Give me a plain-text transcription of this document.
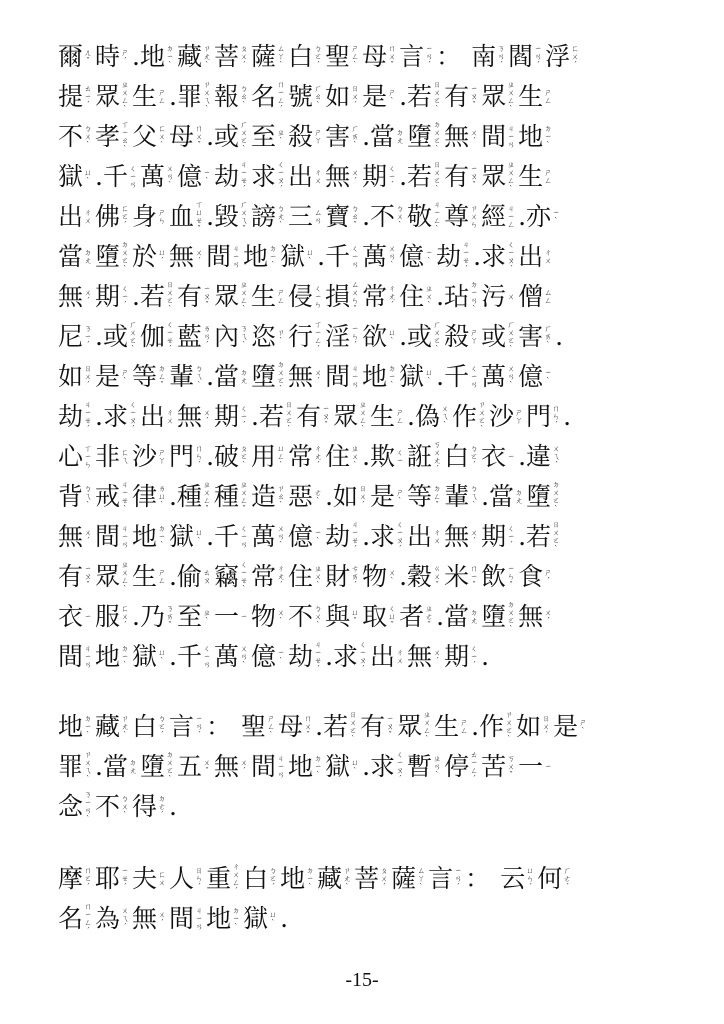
爾 ㄦ
ˇ 時 ㄕ
ˊ . 地 ㄉ
ㄧ
ˋ 藏 ㄗ
ㄤ
ˋ 菩 ㄆ
ㄨ
ˊ 薩 ㄙ
ㄚ
ˋ 白 ㄅ
ㄛ
ˊ 聖 ㄕ
ㄥ
ˋ 母 ㄇ
ㄨ
ˇ 言 ㄧ
ㄢ
ˊ ： 南 ㄋ
ㄢ
ˊ 閻 ㄧ
ㄢ
ˊ 浮 ㄈ
ㄨ
ˊ
提 ㄊ
ㄧ
ˊ 眾 ㄓ
ㄨ
ㄥ
ˋ 生 ㄕ
ㄥ . 罪 ㄗ
ㄨ
ㄟ
ˋ 報 ㄅ
ㄠ
ˋ 名 ㄇ
ㄧ
ㄥ
ˊ 號 ㄏ
ㄠ
ˋ 如 ㄖ
ㄨ
ˊ 是 ㄕ
ˋ . 若 ㄖ
ㄨ
ㄛ
ˋ 有 ㄧ
ㄡ
ˇ 眾 ㄓ
ㄨ
ㄥ
ˋ 生 ㄕ
ㄥ
不 ㄅ
ㄨ
ˋ 孝 ㄒ
ㄧ
ㄠ
ˋ 父 ㄈ
ㄨ
ˋ 母 ㄇ
ㄨ
ˇ . 或 ㄏ
ㄨ
ㄛ
ˋ 至 ㄓ
ˋ 殺 ㄕ
ㄚ 害 ㄏ
ㄞ
ˋ . 當 ㄉ
ㄤ 墮 ㄉ
ㄨ
ㄛ
ˋ 無 ㄨ
ˊ 間 ㄐ
ㄧ
ㄢ 地 ㄉ
ㄧ
ˋ
獄 ㄩ
ˋ . 千 ㄑ
ㄧ
ㄢ 萬 ㄨ
ㄢ
ˋ 億 ㄧ
ˋ 劫 ㄐ
ㄧ
ㄝ
ˊ 求 ㄑ
ㄧ
ㄡ
ˊ 出 ㄔ
ㄨ 無 ㄨ
ˊ 期 ㄑ
ㄧ
ˊ . 若 ㄖ
ㄨ
ㄛ
ˋ 有 ㄧ
ㄡ
ˇ 眾 ㄓ
ㄨ
ㄥ
ˋ 生 ㄕ
ㄥ
出 ㄔ
ㄨ 佛 ㄈ
ㄛ
ˊ 身 ㄕ
ㄣ 血 ㄒ
ㄩ
ㄝ
ˇ . 毀 ㄏ
ㄨ
ㄟ
ˇ 謗 ㄅ
ㄤ
ˋ 三 ㄙ
ㄢ 寶 ㄅ
ㄠ
ˇ . 不 ㄅ
ㄨ
ˋ 敬 ㄐ
ㄧ
ㄥ
ˋ 尊 ㄗ
ㄨ
ㄣ 經 ㄐ
ㄧ
ㄥ . 亦 ㄧ
ˋ
當 ㄉ
ㄤ 墮 ㄉ
ㄨ
ㄛ
ˋ 於 ㄩ
ˊ 無 ㄨ
ˊ 間 ㄐ
ㄧ
ㄢ 地 ㄉ
ㄧ
ˋ 獄 ㄩ
ˋ . 千 ㄑ
ㄧ
ㄢ 萬 ㄨ
ㄢ
ˋ 億 ㄧ
ˋ 劫 ㄐ
ㄧ
ㄝ
ˊ . 求 ㄑ
ㄧ
ㄡ
ˊ 出 ㄔ
ㄨ
無 ㄨ
ˊ 期 ㄑ
ㄧ
ˊ . 若 ㄖ
ㄨ
ㄛ
ˋ 有 ㄧ
ㄡ
ˇ 眾 ㄓ
ㄨ
ㄥ
ˋ 生 ㄕ
ㄥ 侵 ㄑ
ㄧ
ㄣ 損 ㄙ
ㄨ
ㄣ
ˇ 常 ㄔ
ㄤ
ˊ 住 ㄓ
ㄨ
ˋ . 玷 ㄉ
ㄧ
ㄢ
ˋ 污 ㄨ 僧 ㄙ
ㄥ
尼 ㄋ
ㄧ
ˊ . 或 ㄏ
ㄨ
ㄛ
ˋ 伽 ㄑ
ㄧ
ㄝ
ˊ 藍 ㄌ
ㄢ
ˊ 內 ㄋ
ㄟ
ˋ 恣 ㄗ
ˋ 行 ㄒ
ㄧ
ㄥ
ˊ 淫 ㄧ
ㄣ
ˊ 欲 ㄩ
ˋ . 或 ㄏ
ㄨ
ㄛ
ˋ 殺 ㄕ
ㄚ 或 ㄏ
ㄨ
ㄛ
ˋ 害 ㄏ
ㄞ
ˋ .
如 ㄖ
ㄨ
ˊ 是 ㄕ
ˋ 等 ㄉ
ㄥ
ˇ 輩 ㄅ
ㄟ
ˋ . 當 ㄉ
ㄤ 墮 ㄉ
ㄨ
ㄛ
ˋ 無 ㄨ
ˊ 間 ㄐ
ㄧ
ㄢ 地 ㄉ
ㄧ
ˋ 獄 ㄩ
ˋ . 千 ㄑ
ㄧ
ㄢ 萬 ㄨ
ㄢ
ˋ 億 ㄧ
ˋ
劫 ㄐ
ㄧ
ㄝ
ˊ . 求 ㄑ
ㄧ
ㄡ
ˊ 出 ㄔ
ㄨ 無 ㄨ
ˊ 期 ㄑ
ㄧ
ˊ . 若 ㄖ
ㄨ
ㄛ
ˋ 有 ㄧ
ㄡ
ˇ 眾 ㄓ
ㄨ
ㄥ
ˋ 生 ㄕ
ㄥ . 偽 ㄨ
ㄟ
ˋ 作 ㄗ
ㄨ
ㄛ
ˋ 沙 ㄕ
ㄚ 門 ㄇ
ㄣ
ˊ .
心 ㄒ
ㄧ
ㄣ 非 ㄈ
ㄟ 沙 ㄕ
ㄚ 門 ㄇ
ㄣ
ˊ . 破 ㄆ
ㄛ
ˋ 用 ㄩ
ㄥ
ˋ 常 ㄔ
ㄤ
ˊ 住 ㄓ
ㄨ
ˋ . 欺 ㄑ
ㄧ 誑 ㄎ
ㄨ
ㄤ
ˊ 白 ㄅ
ㄛ
ˊ 衣 ㄧ . 違 ㄨ
ㄟ
ˊ
背 ㄅ
ㄟ
ˋ 戒 ㄐ
ㄧ
ㄝ
ˋ 律 ㄌ
ㄩ
ˋ . 種 ㄓ
ㄨ
ㄥ
ˇ 種 ㄓ
ㄨ
ㄥ
ˇ 造 ㄗ
ㄠ
ˋ 惡 ㄜ
ˋ . 如 ㄖ
ㄨ
ˊ 是 ㄕ
ˋ 等 ㄉ
ㄥ
ˇ 輩 ㄅ
ㄟ
ˋ . 當 ㄉ
ㄤ 墮 ㄉ
ㄨ
ㄛ
ˋ
無 ㄨ
ˊ 間 ㄐ
ㄧ
ㄢ 地 ㄉ
ㄧ
ˋ 獄 ㄩ
ˋ . 千 ㄑ
ㄧ
ㄢ 萬 ㄨ
ㄢ
ˋ 億 ㄧ
ˋ 劫 ㄐ
ㄧ
ㄝ
ˊ . 求 ㄑ
ㄧ
ㄡ
ˊ 出 ㄔ
ㄨ 無 ㄨ
ˊ 期 ㄑ
ㄧ
ˊ . 若 ㄖ
ㄨ
ㄛ
ˋ
有 ㄧ
ㄡ
ˇ 眾 ㄓ
ㄨ
ㄥ
ˋ 生 ㄕ
ㄥ . 偷 ㄊ
ㄡ 竊 ㄑ
ㄧ
ㄝ
ˋ 常 ㄔ
ㄤ
ˊ 住 ㄓ
ㄨ
ˋ 財 ㄘ
ㄞ
ˊ 物 ㄨ
ˋ . 穀 ㄍ
ㄨ
ˇ 米 ㄇ
ㄧ
ˇ 飲 ㄧ
ㄣ
ˇ 食 ㄕ
ˊ
衣 ㄧ 服 ㄈ
ㄨ
ˊ . 乃 ㄋ
ㄞ
ˇ 至 ㄓ
ˋ 一 ㄧ 物 ㄨ
ˋ 不 ㄅ
ㄨ
ˋ 與 ㄩ
ˇ 取 ㄑ
ㄩ
ˇ 者 ㄓ
ㄜ
ˇ . 當 ㄉ
ㄤ 墮 ㄉ
ㄨ
ㄛ
ˋ 無 ㄨ
ˊ
間 ㄐ
ㄧ
ㄢ 地 ㄉ
ㄧ
ˋ 獄 ㄩ
ˋ . 千 ㄑ
ㄧ
ㄢ 萬 ㄨ
ㄢ
ˋ 億 ㄧ
ˋ 劫 ㄐ
ㄧ
ㄝ
ˊ . 求 ㄑ
ㄧ
ㄡ
ˊ 出 ㄔ
ㄨ 無 ㄨ
ˊ 期 ㄑ
ㄧ
ˊ .
地 ㄉ
ㄧ
ˋ 藏 ㄗ
ㄤ
ˋ 白 ㄅ
ㄛ
ˊ 言 ㄧ
ㄢ
ˊ ： 聖 ㄕ
ㄥ
ˋ 母 ㄇ
ㄨ
ˇ . 若 ㄖ
ㄨ
ㄛ
ˋ 有 ㄧ
ㄡ
ˇ 眾 ㄓ
ㄨ
ㄥ
ˋ 生 ㄕ
ㄥ . 作 ㄗ
ㄨ
ㄛ
ˋ 如 ㄖ
ㄨ
ˊ 是 ㄕ
ˋ
罪 ㄗ
ㄨ
ㄟ
ˋ . 當 ㄉ
ㄤ 墮 ㄉ
ㄨ
ㄛ
ˋ 五 ㄨ
ˇ 無 ㄨ
ˊ 間 ㄐ
ㄧ
ㄢ 地 ㄉ
ㄧ
ˋ 獄 ㄩ
ˋ . 求 ㄑ
ㄧ
ㄡ
ˊ 暫 ㄓ
ㄢ
ˋ 停 ㄊ
ㄧ
ㄥ
ˊ 苦 ㄎ
ㄨ
ˇ 一 ㄧ
念 ㄋ
ㄧ
ㄢ
ˋ 不 ㄅ
ㄨ
ˋ 得 ㄉ
ㄜ
ˊ .
摩 ㄇ
ㄛ
ˊ 耶 ㄧ
ㄝ
ˊ 夫 ㄈ
ㄨ 人 ㄖ
ㄣ
ˊ 重 ㄔ
ㄨ
ㄥ
ˊ 白 ㄅ
ㄛ
ˊ 地 ㄉ
ㄧ
ˋ 藏 ㄗ
ㄤ
ˋ 菩 ㄆ
ㄨ
ˊ 薩 ㄙ
ㄚ
ˋ 言 ㄧ
ㄢ
ˊ ： 云 ㄩ
ㄣ
ˊ 何 ㄏ
ㄜ
ˊ
名 ㄇ
ㄧ
ㄥ
ˊ 為 ㄨ
ㄟ
ˊ 無 ㄨ
ˊ 間 ㄐ
ㄧ
ㄢ 地 ㄉ
ㄧ
ˋ 獄 ㄩ
ˋ .
-15-
